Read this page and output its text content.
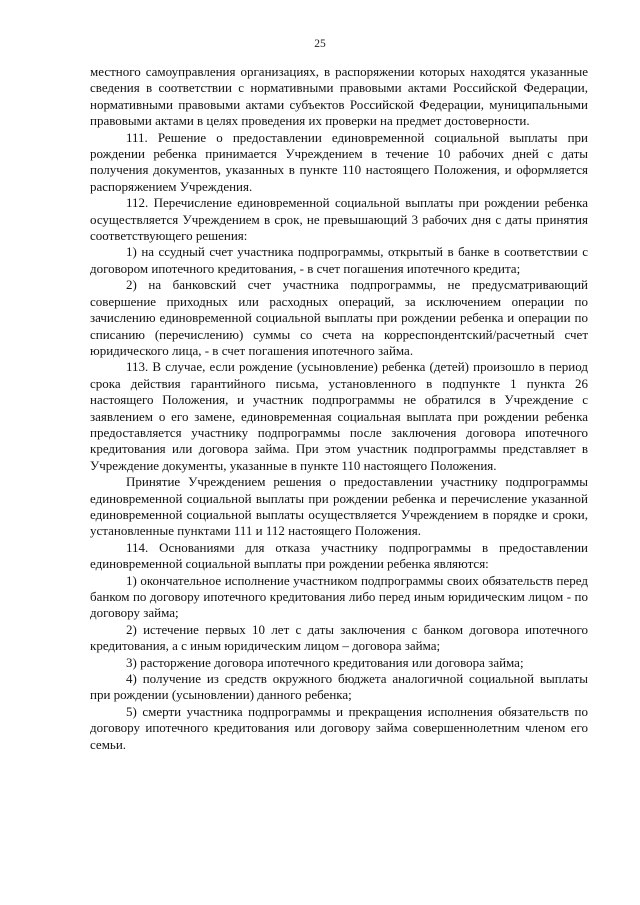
25

местного самоуправления организациях, в распоряжении которых находятся указанные сведения в соответствии с нормативными правовыми актами Российской Федерации, нормативными правовыми актами субъектов Российской Федерации, муниципальными правовыми актами в целях проведения их проверки на предмет достоверности.

111. Решение о предоставлении единовременной социальной выплаты при рождении ребенка принимается Учреждением в течение 10 рабочих дней с даты получения документов, указанных в пункте 110 настоящего Положения, и оформляется распоряжением Учреждения.

112. Перечисление единовременной социальной выплаты при рождении ребенка осуществляется Учреждением в срок, не превышающий 3 рабочих дня с даты принятия соответствующего решения:

1) на ссудный счет участника подпрограммы, открытый в банке в соответствии с договором ипотечного кредитования, - в счет погашения ипотечного кредита;

2) на банковский счет участника подпрограммы, не предусматривающий совершение приходных или расходных операций, за исключением операции по зачислению единовременной социальной выплаты при рождении ребенка и операции по списанию (перечислению) суммы со счета на корреспондентский/расчетный счет юридического лица, - в счет погашения ипотечного займа.

113. В случае, если рождение (усыновление) ребенка (детей) произошло в период срока действия гарантийного письма, установленного в подпункте 1 пункта 26 настоящего Положения, и участник подпрограммы не обратился в Учреждение с заявлением о его замене, единовременная социальная выплата при рождении ребенка предоставляется участнику подпрограммы после заключения договора ипотечного кредитования или договора займа. При этом участник подпрограммы представляет в Учреждение документы, указанные в пункте 110 настоящего Положения.

Принятие Учреждением решения о предоставлении участнику подпрограммы единовременной социальной выплаты при рождении ребенка и перечисление указанной единовременной социальной выплаты осуществляется Учреждением в порядке и сроки, установленные пунктами 111 и 112 настоящего Положения.

114. Основаниями для отказа участнику подпрограммы в предоставлении единовременной социальной выплаты при рождении ребенка являются:

1) окончательное исполнение участником подпрограммы своих обязательств перед банком по договору ипотечного кредитования либо перед иным юридическим лицом - по договору займа;

2) истечение первых 10 лет с даты заключения с банком договора ипотечного кредитования, а с иным юридическим лицом – договора займа;

3) расторжение договора ипотечного кредитования или договора займа;

4) получение из средств окружного бюджета аналогичной социальной выплаты при рождении (усыновлении) данного ребенка;

5) смерти участника подпрограммы и прекращения исполнения обязательств по договору ипотечного кредитования или договору займа совершеннолетним членом его семьи.
